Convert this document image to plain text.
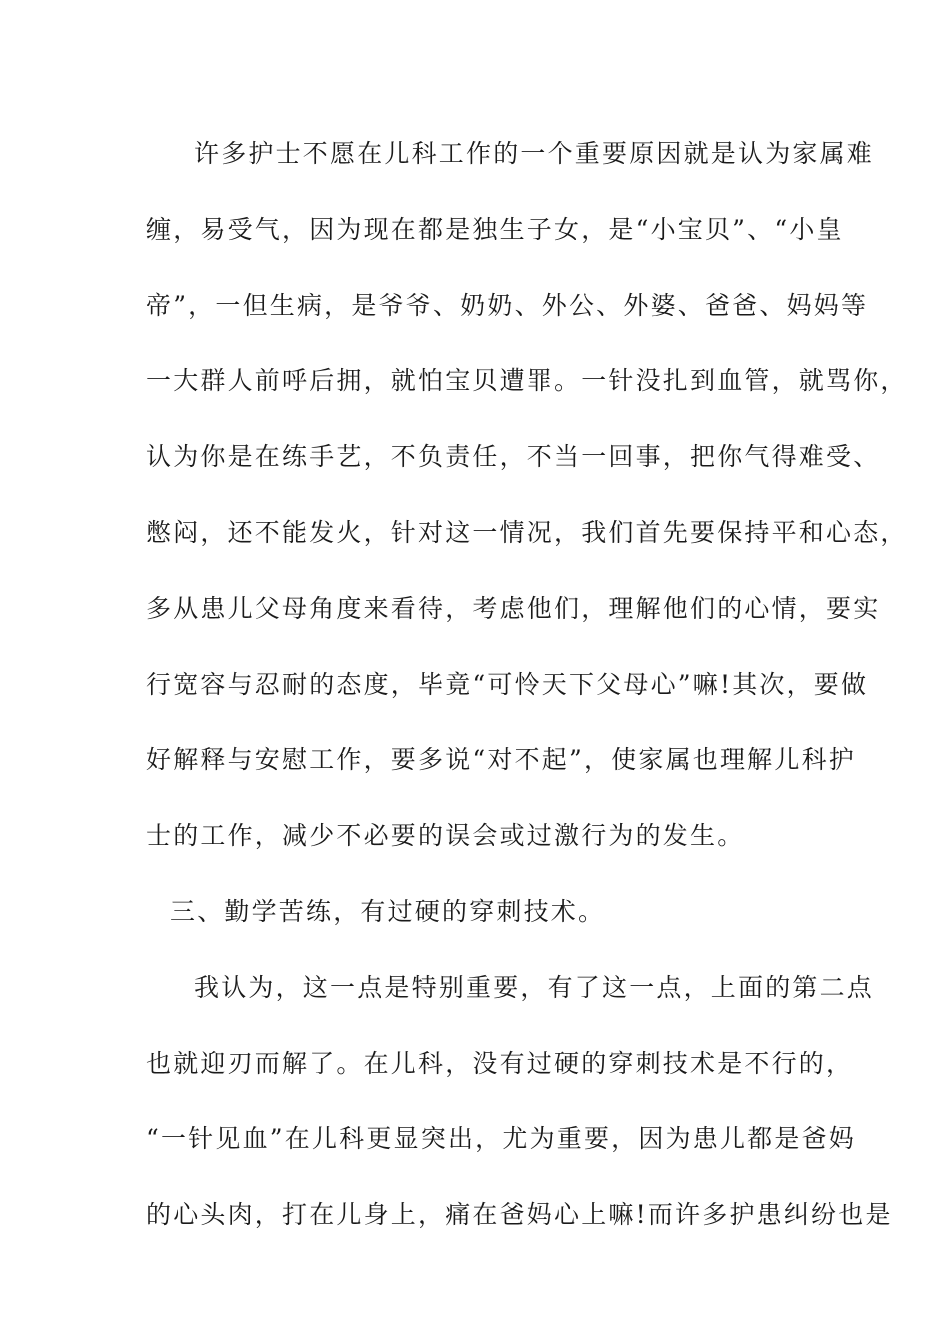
许多护士不愿在儿科工作的一个重要原因就是认为家属难
缠，易受气，因为现在都是独生子女，是“小宝贝”、“小皇
帝”，一但生病，是爷爷、奶奶、外公、外婆、爸爸、妈妈等
一大群人前呼后拥，就怕宝贝遭罪。一针没扎到血管，就骂你，
认为你是在练手艺，不负责任，不当一回事，把你气得难受、
憋闷，还不能发火，针对这一情况，我们首先要保持平和心态，
多从患儿父母角度来看待，考虑他们，理解他们的心情，要实
行宽容与忍耐的态度，毕竟“可怜天下父母心”嘛!其次，要做
好解释与安慰工作，要多说“对不起”，使家属也理解儿科护
士的工作，减少不必要的误会或过激行为的发生。
三、勤学苦练，有过硬的穿刺技术。
我认为，这一点是特别重要，有了这一点，上面的第二点
也就迎刃而解了。在儿科，没有过硬的穿刺技术是不行的，
“一针见血”在儿科更显突出，尤为重要，因为患儿都是爸妈
的心头肉，打在儿身上，痛在爸妈心上嘛!而许多护患纠纷也是
